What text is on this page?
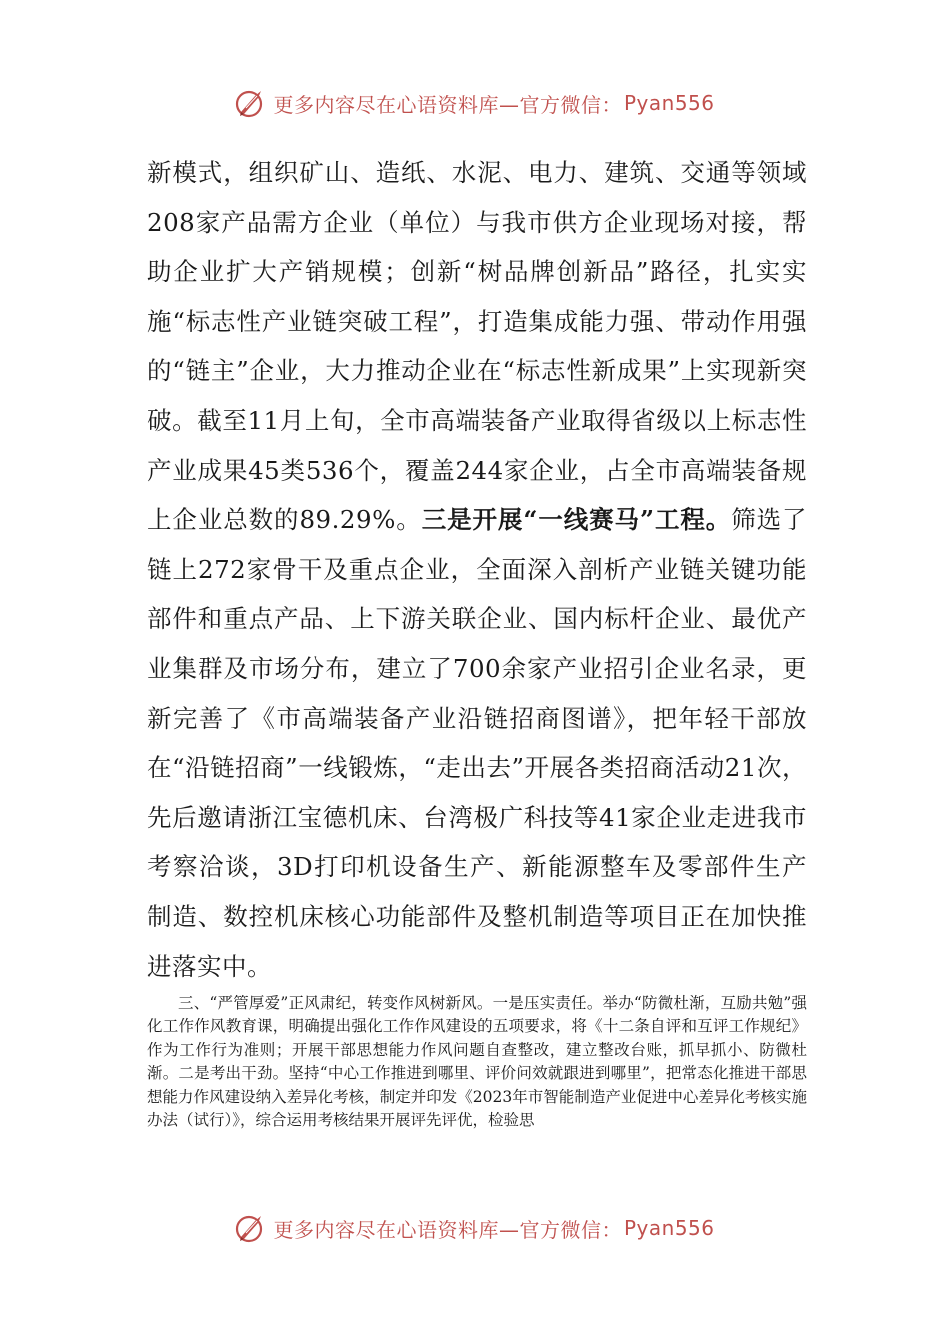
更多内容尽在心语资料库—官方微信： Pyan556

新模式，组织矿山、造纸、水泥、电力、建筑、交通等领域208家产品需方企业（单位）与我市供方企业现场对接，帮助企业扩大产销规模；创新“树品牌创新品”路径，扎实实施“标志性产业链突破工程”，打造集成能力强、带动作用强的“链主”企业，大力推动企业在“标志性新成果”上实现新突破。截至11月上旬，全市高端装备产业取得省级以上标志性产业成果45类536个，覆盖244家企业，占全市高端装备规上企业总数的89.29%。三是开展“一线赛马”工程。筛选了链上272家骨干及重点企业，全面深入剖析产业链关键功能部件和重点产品、上下游关联企业、国内标杆企业、最优产业集群及市场分布，建立了700余家产业招引企业名录，更新完善了《市高端装备产业沿链招商图谱》，把年轻干部放在“沿链招商”一线锻炼，“走出去”开展各类招商活动21次，先后邀请浙江宝德机床、台湾极广科技等41家企业走进我市考察洽谈，3D打印机设备生产、新能源整车及零部件生产制造、数控机床核心功能部件及整机制造等项目正在加快推进落实中。

三、“严管厚爱”正风肃纪，转变作风树新风。一是压实责任。举办“防微杜渐，互励共勉”强化工作作风教育课，明确提出强化工作作风建设的五项要求，将《十二条自评和互评工作规纪》作为工作行为准则；开展干部思想能力作风问题自查整改，建立整改台账，抓早抓小、防微杜渐。二是考出干劲。坚持“中心工作推进到哪里、评价问效就跟进到哪里”，把常态化推进干部思想能力作风建设纳入差异化考核，制定并印发《2023年市智能制造产业促进中心差异化考核实施办法（试行）》，综合运用考核结果开展评先评优，检验思

更多内容尽在心语资料库—官方微信： Pyan556
